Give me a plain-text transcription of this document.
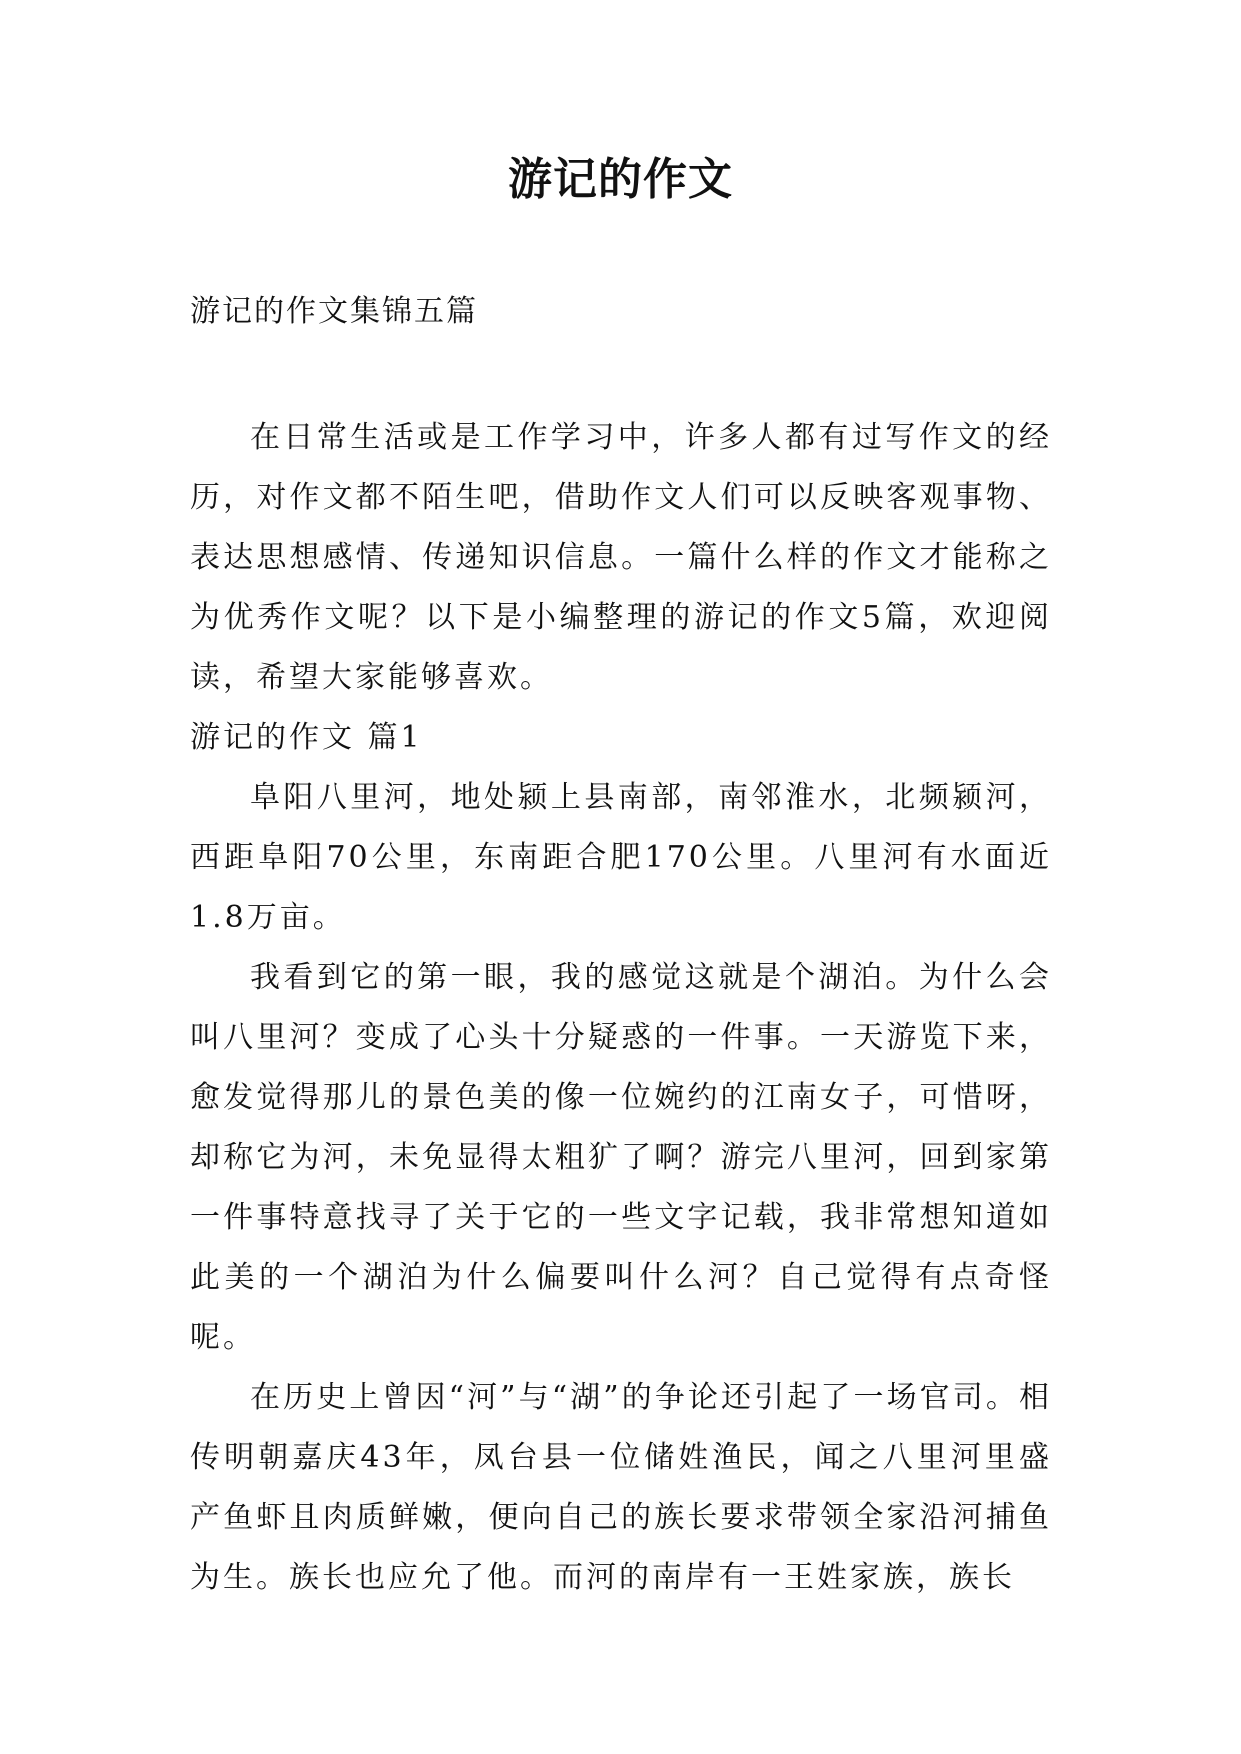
游记的作文
游记的作文集锦五篇

在日常生活或是工作学习中，许多人都有过写作文的经历，对作文都不陌生吧，借助作文人们可以反映客观事物、表达思想感情、传递知识信息。一篇什么样的作文才能称之为优秀作文呢？以下是小编整理的游记的作文5篇，欢迎阅读，希望大家能够喜欢。

游记的作文 篇1

阜阳八里河，地处颍上县南部，南邻淮水，北频颍河，西距阜阳70公里，东南距合肥170公里。八里河有水面近1.8万亩。

我看到它的第一眼，我的感觉这就是个湖泊。为什么会叫八里河？变成了心头十分疑惑的一件事。一天游览下来，愈发觉得那儿的景色美的像一位婉约的江南女子，可惜呀，却称它为河，未免显得太粗犷了啊？游完八里河，回到家第一件事特意找寻了关于它的一些文字记载，我非常想知道如此美的一个湖泊为什么偏要叫什么河？自己觉得有点奇怪呢。

在历史上曾因“河”与“湖”的争论还引起了一场官司。相传明朝嘉庆43年，凤台县一位储姓渔民，闻之八里河里盛产鱼虾且肉质鲜嫩，便向自己的族长要求带领全家沿河捕鱼为生。族长也应允了他。而河的南岸有一王姓家族，族长
